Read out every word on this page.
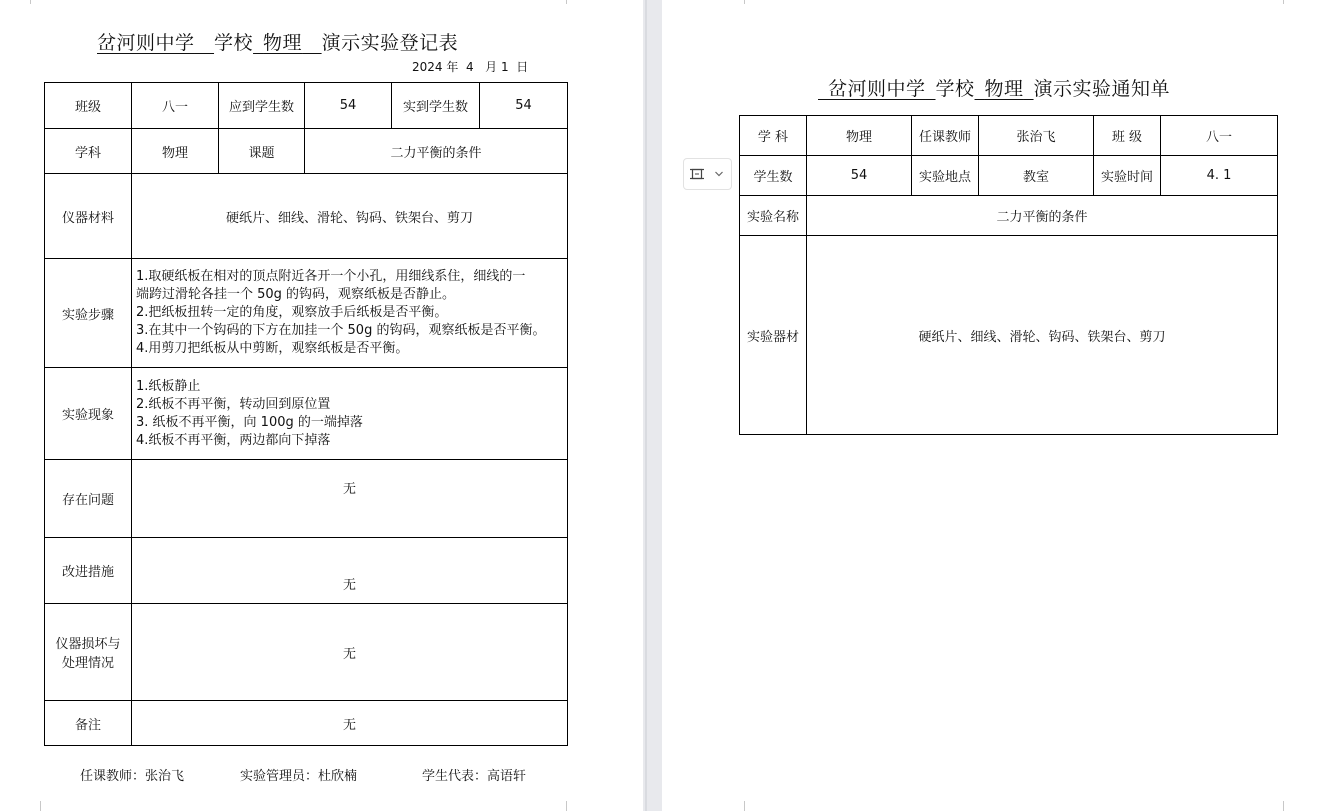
岔河则中学　 学校  物理　 演示实验登记表
2024 年 4 月 1 日
班级	八一	应到学生数	54	实到学生数	54
学科	物理	课题	二力平衡的条件		
仪器材料	硬纸片、细线、滑轮、钩码、铁架台、剪刀				
实验步骤	1.取硬纸板在相对的顶点附近各开一个小孔，用细线系住，细线的一
端跨过滑轮各挂一个 50g 的钩码，观察纸板是否静止。
2.把纸板扭转一定的角度，观察放手后纸板是否平衡。
3.在其中一个钩码的下方在加挂一个 50g 的钩码，观察纸板是否平衡。
4.用剪刀把纸板从中剪断，观察纸板是否平衡。				

实验现象	1.纸板静止
2.纸板不再平衡，转动回到原位置
3. 纸板不再平衡，向 100g 的一端掉落
4.纸板不再平衡，两边都向下掉落				

存在问题	无				
改进措施	无				

仪器损坏与
处理情况	无				
备注	无				
任课教师：张治飞	实验管理员：杜欣楠	学生代表：高语轩
 岔河则中学  学校  物理  演示实验通知单
学 科	物理	任课教师	张治飞	班 级	八一
学生数	54	实验地点	教室	实验时间	4. 1
实验名称	二力平衡的条件				
实验器材	硬纸片、细线、滑轮、钩码、铁架台、剪刀				
